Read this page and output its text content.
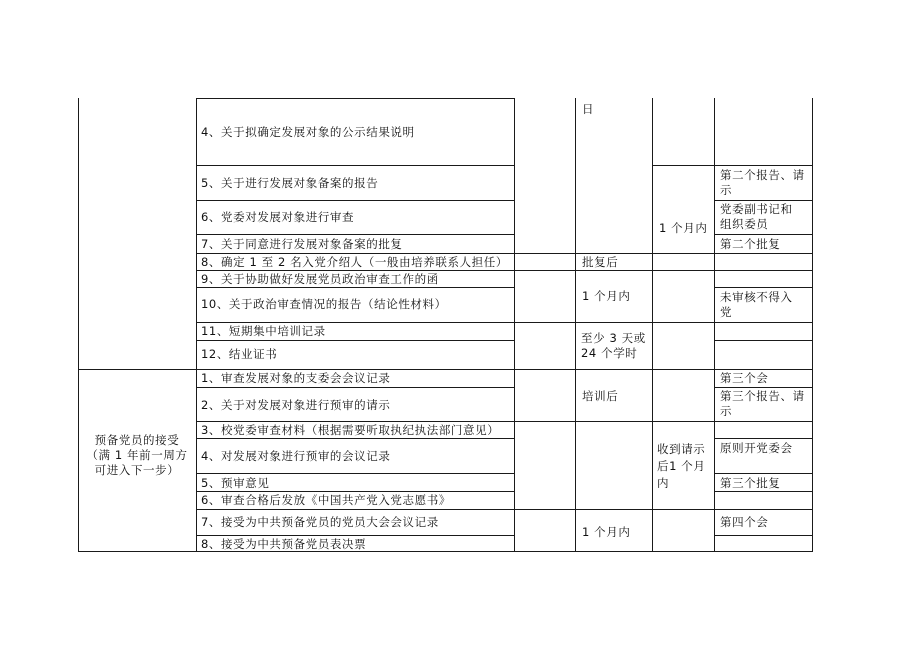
4、关于拟确定发展对象的公示结果说明
5、关于进行发展对象备案的报告
6、党委对发展对象进行审查
7、关于同意进行发展对象备案的批复
8、确定 1 至 2 名入党介绍人（一般由培养联系人担任）
9、关于协助做好发展党员政治审查工作的函
10、关于政治审查情况的报告（结论性材料）
11、短期集中培训记录
12、结业证书
1、审查发展对象的支委会会议记录
2、关于对发展对象进行预审的请示
3、校党委审查材料（根据需要听取执纪执法部门意见）
4、对发展对象进行预审的会议记录
5、预审意见
6、审查合格后发放《中国共产党入党志愿书》
7、接受为中共预备党员的党员大会会议记录
8、接受为中共预备党员表决票
预备党员的接受（满 1 年前一周方可进入下一步）
日
批复后
1 个月内
至少 3 天或24 个学时
培训后
1 个月内
1 个月内
收到请示后1 个月内
第二个报告、请示
党委副书记和组织委员
第二个批复
未审核不得入党
第三个会
第三个报告、请示
原则开党委会
第三个批复
第四个会
